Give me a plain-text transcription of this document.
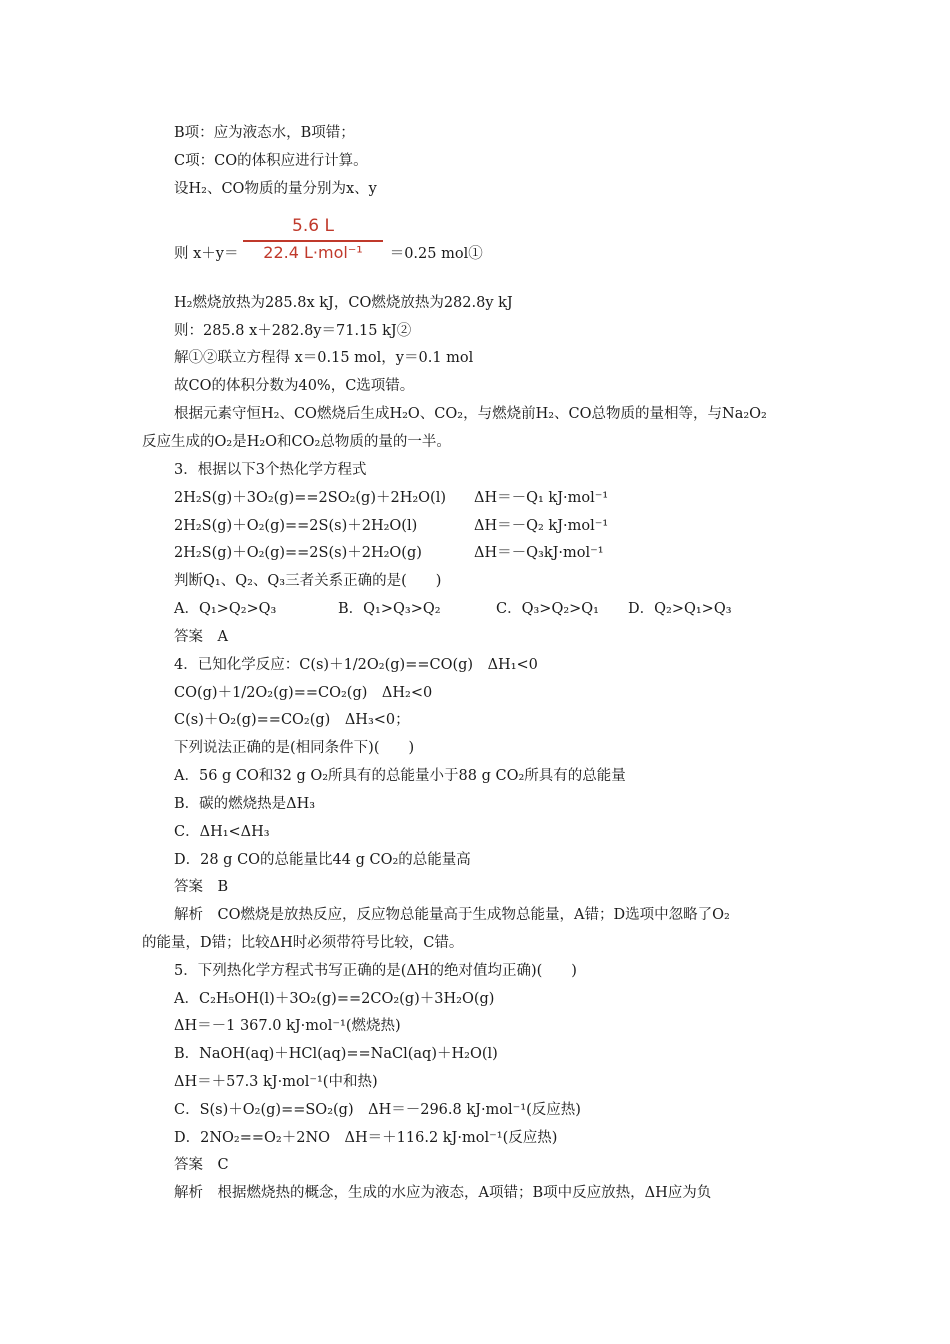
B项：应为液态水，B项错；
C项：CO的体积应进行计算。
设H₂、CO物质的量分别为x、y
则 x＋y＝	＝0.25 mol①
5.6 L
22.4 L·mol⁻¹
H₂燃烧放热为285.8x kJ，CO燃烧放热为282.8y kJ
则：285.8 x＋282.8y＝71.15 kJ②
解①②联立方程得 x＝0.15 mol，y＝0.1 mol
故CO的体积分数为40%，C选项错。
根据元素守恒H₂、CO燃烧后生成H₂O、CO₂，与燃烧前H₂、CO总物质的量相等，与Na₂O₂
反应生成的O₂是H₂O和CO₂总物质的量的一半。
3．根据以下3个热化学方程式
2H₂S(g)＋3O₂(g)==2SO₂(g)＋2H₂O(l) ΔH＝－Q₁ kJ·mol⁻¹
2H₂S(g)＋O₂(g)==2S(s)＋2H₂O(l)	ΔH＝－Q₂ kJ·mol⁻¹
2H₂S(g)＋O₂(g)==2S(s)＋2H₂O(g)	ΔH＝－Q₃kJ·mol⁻¹
判断Q₁、Q₂、Q₃三者关系正确的是(　　)
A．Q₁>Q₂>Q₃	B．Q₁>Q₃>Q₂	C．Q₃>Q₂>Q₁ D．Q₂>Q₁>Q₃
答案　A
4．已知化学反应：C(s)＋1/2O₂(g)==CO(g)　ΔH₁<0
CO(g)＋1/2O₂(g)==CO₂(g)　ΔH₂<0
C(s)＋O₂(g)==CO₂(g)　ΔH₃<0；
下列说法正确的是(相同条件下)(　　)
A．56 g CO和32 g O₂所具有的总能量小于88 g CO₂所具有的总能量
B．碳的燃烧热是ΔH₃
C．ΔH₁<ΔH₃
D．28 g CO的总能量比44 g CO₂的总能量高
答案　B
解析　CO燃烧是放热反应，反应物总能量高于生成物总能量，A错；D选项中忽略了O₂
的能量，D错；比较ΔH时必须带符号比较，C错。
5．下列热化学方程式书写正确的是(ΔH的绝对值均正确)(　　)
A．C₂H₅OH(l)＋3O₂(g)==2CO₂(g)＋3H₂O(g)
ΔH＝－1 367.0 kJ·mol⁻¹(燃烧热)
B．NaOH(aq)＋HCl(aq)==NaCl(aq)＋H₂O(l)
ΔH＝＋57.3 kJ·mol⁻¹(中和热)
C．S(s)＋O₂(g)==SO₂(g)　ΔH＝－296.8 kJ·mol⁻¹(反应热)
D．2NO₂==O₂＋2NO　ΔH＝＋116.2 kJ·mol⁻¹(反应热)
答案　C
解析　根据燃烧热的概念，生成的水应为液态，A项错；B项中反应放热，ΔH应为负
